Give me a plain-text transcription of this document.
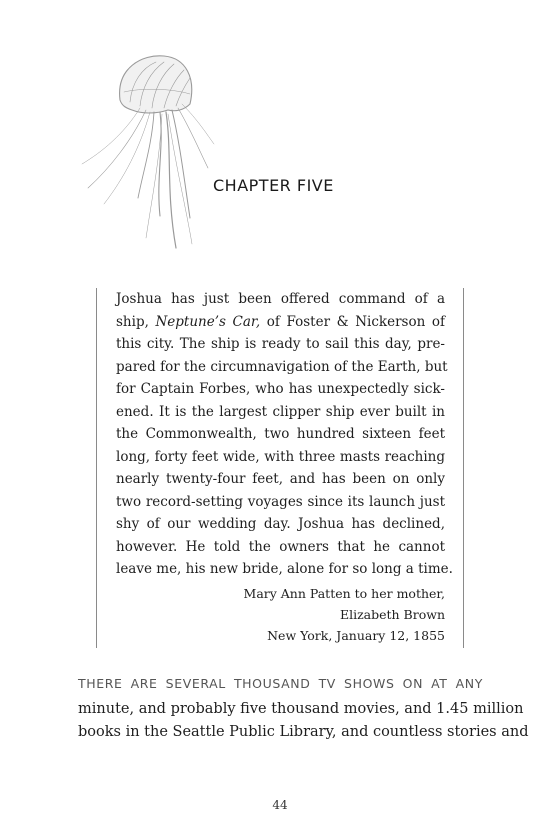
CHAPTER FIVE

Joshua has just been offered command of a
ship, Neptune’s Car, of Foster & Nickerson of
this city. The ship is ready to sail this day, pre-
pared for the circumnavigation of the Earth, but
for Captain Forbes, who has unexpectedly sick-
ened. It is the largest clipper ship ever built in
the Commonwealth, two hundred sixteen feet
long, forty feet wide, with three masts reaching
nearly twenty-four feet, and has been on only
two record-setting voyages since its launch just
shy of our wedding day. Joshua has declined,
however. He told the owners that he cannot
leave me, his new bride, alone for so long a time.

Mary Ann Patten to her mother,
Elizabeth Brown
New York, January 12, 1855
THERE ARE SEVERAL THOUSAND TV SHOWS ON AT ANY
minute, and probably five thousand movies, and 1.45 million
books in the Seattle Public Library, and countless stories and
44
